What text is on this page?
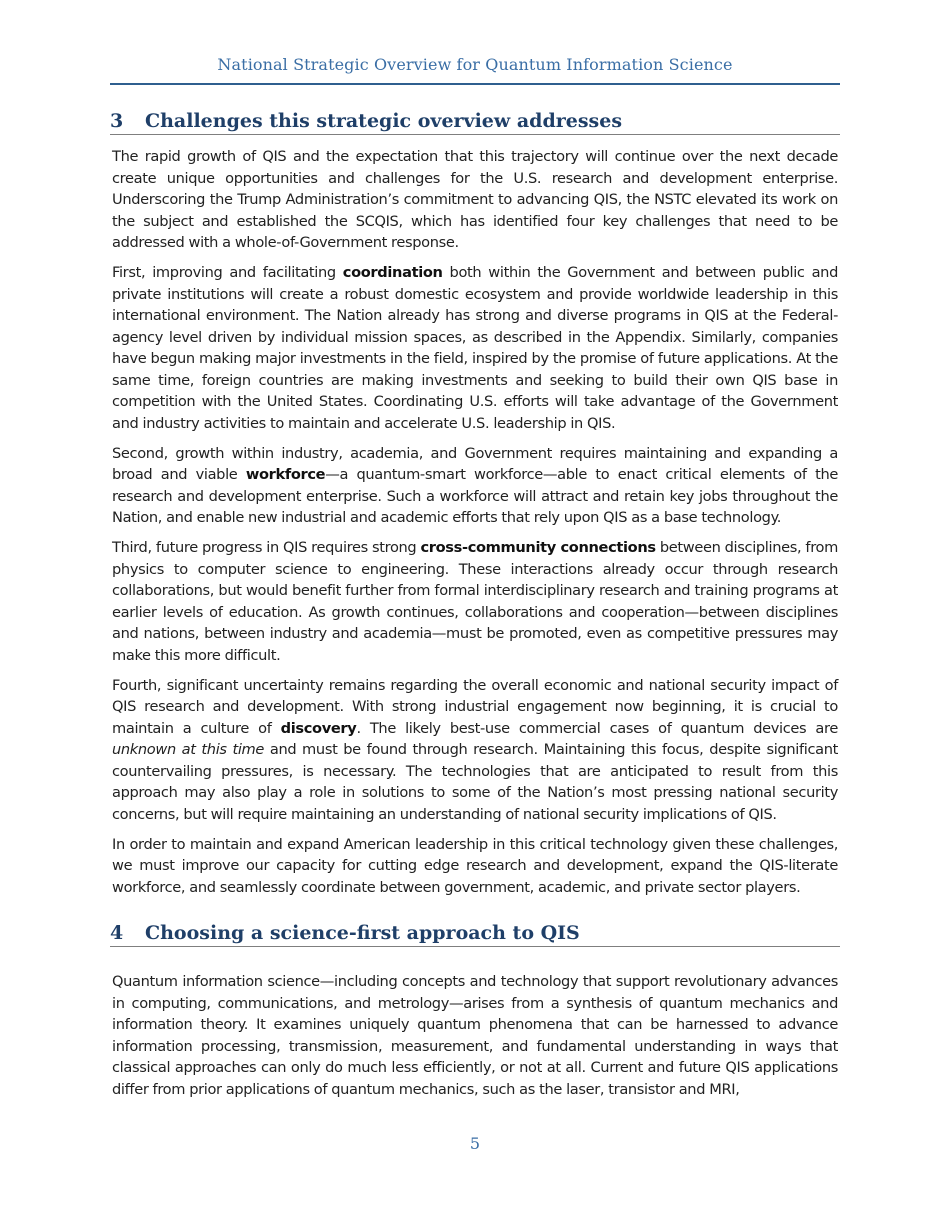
National Strategic Overview for Quantum Information Science
3 Challenges this strategic overview addresses

The rapid growth of QIS and the expectation that this trajectory will continue over the next decade create unique opportunities and challenges for the U.S. research and development enterprise. Underscoring the Trump Administration’s commitment to advancing QIS, the NSTC elevated its work on the subject and established the SCQIS, which has identified four key challenges that need to be addressed with a whole-of-Government response.

First, improving and facilitating coordination both within the Government and between public and private institutions will create a robust domestic ecosystem and provide worldwide leadership in this international environment. The Nation already has strong and diverse programs in QIS at the Federal-agency level driven by individual mission spaces, as described in the Appendix. Similarly, companies have begun making major investments in the field, inspired by the promise of future applications. At the same time, foreign countries are making investments and seeking to build their own QIS base in competition with the United States. Coordinating U.S. efforts will take advantage of the Government and industry activities to maintain and accelerate U.S. leadership in QIS.

Second, growth within industry, academia, and Government requires maintaining and expanding a broad and viable workforce—a quantum-smart workforce—able to enact critical elements of the research and development enterprise. Such a workforce will attract and retain key jobs throughout the Nation, and enable new industrial and academic efforts that rely upon QIS as a base technology.

Third, future progress in QIS requires strong cross-community connections between disciplines, from physics to computer science to engineering. These interactions already occur through research collaborations, but would benefit further from formal interdisciplinary research and training programs at earlier levels of education. As growth continues, collaborations and cooperation—between disciplines and nations, between industry and academia—must be promoted, even as competitive pressures may make this more difficult.

Fourth, significant uncertainty remains regarding the overall economic and national security impact of QIS research and development. With strong industrial engagement now beginning, it is crucial to maintain a culture of discovery. The likely best-use commercial cases of quantum devices are unknown at this time and must be found through research. Maintaining this focus, despite significant countervailing pressures, is necessary. The technologies that are anticipated to result from this approach may also play a role in solutions to some of the Nation’s most pressing national security concerns, but will require maintaining an understanding of national security implications of QIS.

In order to maintain and expand American leadership in this critical technology given these challenges, we must improve our capacity for cutting edge research and development, expand the QIS-literate workforce, and seamlessly coordinate between government, academic, and private sector players.

4 Choosing a science-first approach to QIS

Quantum information science—including concepts and technology that support revolutionary advances in computing, communications, and metrology—arises from a synthesis of quantum mechanics and information theory. It examines uniquely quantum phenomena that can be harnessed to advance information processing, transmission, measurement, and fundamental understanding in ways that classical approaches can only do much less efficiently, or not at all. Current and future QIS applications differ from prior applications of quantum mechanics, such as the laser, transistor and MRI,

5
